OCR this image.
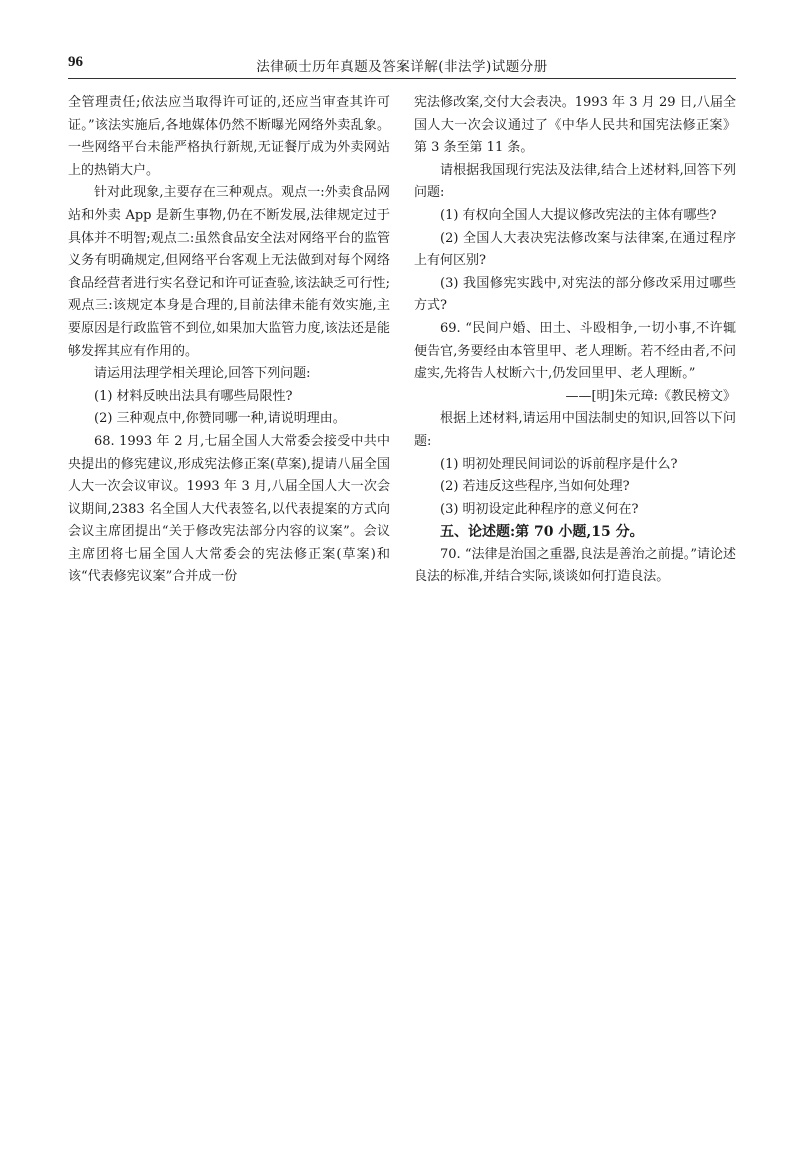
96	法律硕士历年真题及答案详解(非法学)试题分册

全管理责任;依法应当取得许可证的,还应当审查其许可证。”该法实施后,各地媒体仍然不断曝光网络外卖乱象。一些网络平台未能严格执行新规,无证餐厅成为外卖网站上的热销大户。

针对此现象,主要存在三种观点。观点一:外卖食品网站和外卖 App 是新生事物,仍在不断发展,法律规定过于具体并不明智;观点二:虽然食品安全法对网络平台的监管义务有明确规定,但网络平台客观上无法做到对每个网络食品经营者进行实名登记和许可证查验,该法缺乏可行性;观点三:该规定本身是合理的,目前法律未能有效实施,主要原因是行政监管不到位,如果加大监管力度,该法还是能够发挥其应有作用的。

请运用法理学相关理论,回答下列问题:

(1) 材料反映出法具有哪些局限性?

(2) 三种观点中,你赞同哪一种,请说明理由。

68. 1993 年 2 月,七届全国人大常委会接受中共中央提出的修宪建议,形成宪法修正案(草案),提请八届全国人大一次会议审议。1993 年 3 月,八届全国人大一次会议期间,2383 名全国人大代表签名,以代表提案的方式向会议主席团提出“关于修改宪法部分内容的议案”。会议主席团将七届全国人大常委会的宪法修正案(草案)和该“代表修宪议案”合并成一份

宪法修改案,交付大会表决。1993 年 3 月 29 日,八届全国人大一次会议通过了《中华人民共和国宪法修正案》第 3 条至第 11 条。

请根据我国现行宪法及法律,结合上述材料,回答下列问题:

(1) 有权向全国人大提议修改宪法的主体有哪些?

(2) 全国人大表决宪法修改案与法律案,在通过程序上有何区别?

(3) 我国修宪实践中,对宪法的部分修改采用过哪些方式?

69. “民间户婚、田土、斗殴相争,一切小事,不许辄便告官,务要经由本管里甲、老人理断。若不经由者,不问虚实,先将告人杖断六十,仍发回里甲、老人理断。”

——[明]朱元璋:《教民榜文》

根据上述材料,请运用中国法制史的知识,回答以下问题:

(1) 明初处理民间词讼的诉前程序是什么?

(2) 若违反这些程序,当如何处理?

(3) 明初设定此种程序的意义何在?

五、论述题:第 70 小题,15 分。

70. “法律是治国之重器,良法是善治之前提。”请论述良法的标准,并结合实际,谈谈如何打造良法。
